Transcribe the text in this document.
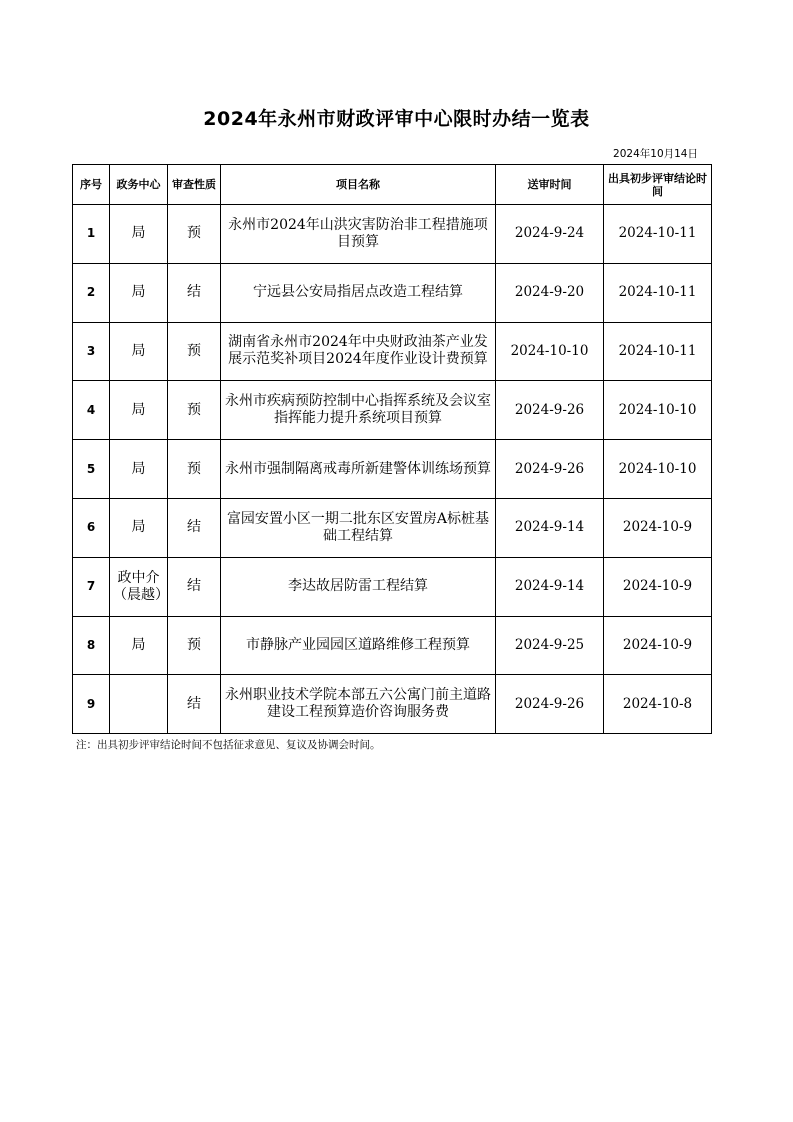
2024年永州市财政评审中心限时办结一览表
2024年10月14日
序号	政务中心	审查性质	项目名称	送审时间	出具初步评审结论时间
1	局	预	永州市2024年山洪灾害防治非工程措施项目预算	2024-9-24	2024-10-11
2	局	结	宁远县公安局指居点改造工程结算	2024-9-20	2024-10-11
3	局	预	湖南省永州市2024年中央财政油茶产业发展示范奖补项目2024年度作业设计费预算	2024-10-10	2024-10-11
4	局	预	永州市疾病预防控制中心指挥系统及会议室指挥能力提升系统项目预算	2024-9-26	2024-10-10
5	局	预	永州市强制隔离戒毒所新建警体训练场预算	2024-9-26	2024-10-10
6	局	结	富园安置小区一期二批东区安置房A标桩基础工程结算	2024-9-14	2024-10-9
7	政中介（晨越）	结	李达故居防雷工程结算	2024-9-14	2024-10-9
8	局	预	市静脉产业园园区道路维修工程预算	2024-9-25	2024-10-9
9		结	永州职业技术学院本部五六公寓门前主道路建设工程预算造价咨询服务费	2024-9-26	2024-10-8
注：出具初步评审结论时间不包括征求意见、复议及协调会时间。
